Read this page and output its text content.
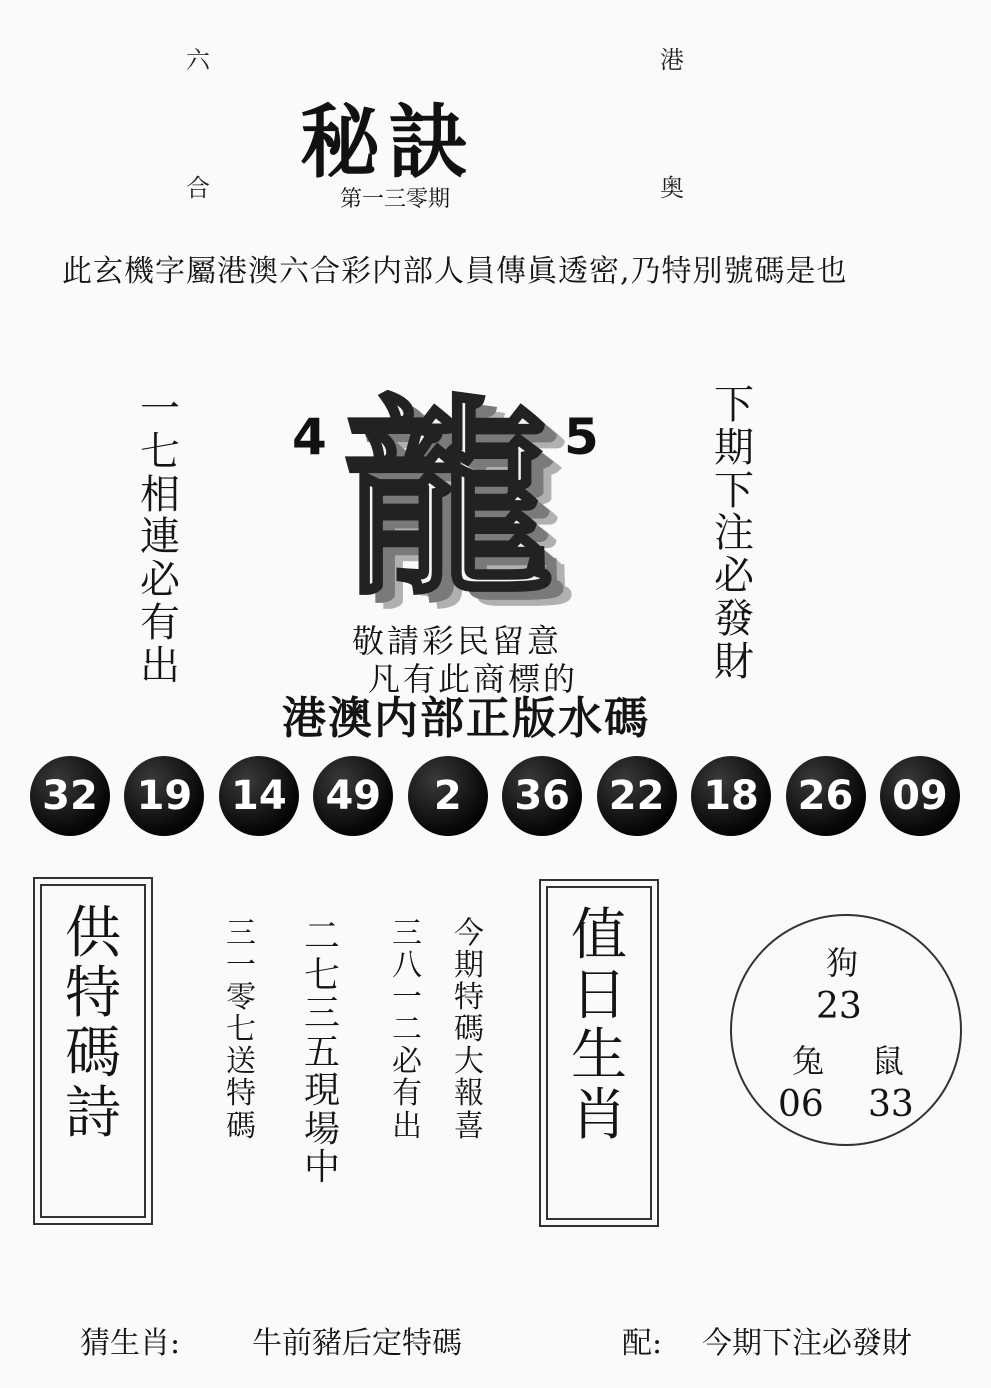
六	港
合	奥
秘訣
第一三零期
此玄機字屬港澳六合彩内部人員傳眞透密,乃特別號碼是也
一
七
相
連
必
有
出
下
期
下
注
必
發
財
4	5
龍
敬請彩民留意
凡有此商標的
港澳内部正版水碼
32 19 14 49	2	36 22 18 26 09
供
特
碼
詩
三
一
零
七
送
特
碼
二
七
三
五
現
場
中
三
八
一
二
必
有
出
今
期
特
碼
大
報
喜
值
日
生
肖
狗
23
兔 鼠
06 33
猜生肖: 牛前豬后定特碼	配: 今期下注必發財
